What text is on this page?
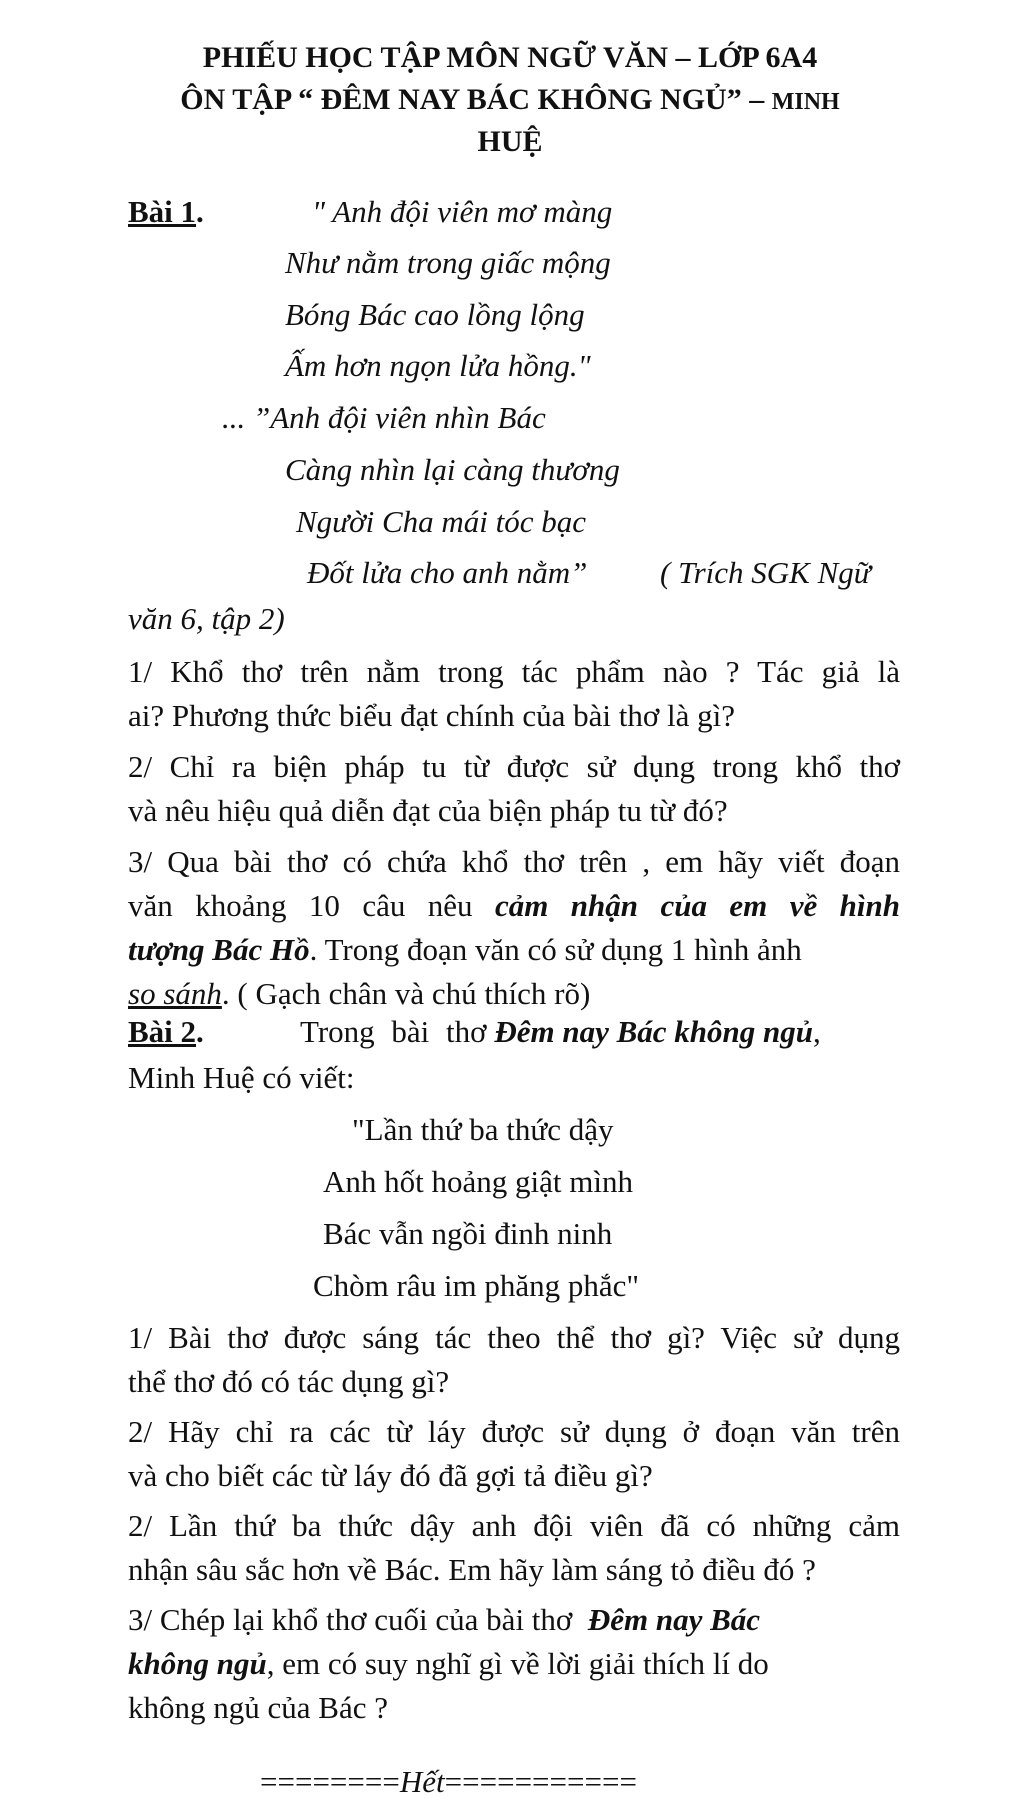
PHIẾU HỌC TẬP MÔN NGỮ VĂN – LỚP 6A4
ÔN TẬP “ ĐÊM NAY BÁC KHÔNG NGỦ” – MINH
HUỆ
Bài 1.	" Anh đội viên mơ màng
Như nằm trong giấc mộng
Bóng Bác cao lồng lộng
Ấm hơn ngọn lửa hồng."
... ”Anh đội viên nhìn Bác
Càng nhìn lại càng thương
Người Cha mái tóc bạc
Đốt lửa cho anh nằm” ( Trích SGK Ngữ
văn 6, tập 2)
1/ Khổ thơ trên nằm trong tác phẩm nào ? Tác giả là
ai? Phương thức biểu đạt chính của bài thơ là gì?
2/ Chỉ ra biện pháp tu từ được sử dụng trong khổ thơ
và nêu hiệu quả diễn đạt của biện pháp tu từ đó?
3/ Qua bài thơ có chứa khổ thơ trên , em hãy viết đoạn
văn khoảng 10 câu nêu cảm nhận của em về hình
tượng Bác Hồ. Trong đoạn văn có sử dụng 1 hình ảnh
so sánh. ( Gạch chân và chú thích rõ)
Bài 2.	Trong bài thơ Đêm nay Bác không ngủ,
Minh Huệ có viết:
"Lần thứ ba thức dậy
Anh hốt hoảng giật mình
Bác vẫn ngồi đinh ninh
Chòm râu im phăng phắc"
1/ Bài thơ được sáng tác theo thể thơ gì? Việc sử dụng
thể thơ đó có tác dụng gì?
2/ Hãy chỉ ra các từ láy được sử dụng ở đoạn văn trên
và cho biết các từ láy đó đã gợi tả điều gì?
2/ Lần thứ ba thức dậy anh đội viên đã có những cảm
nhận sâu sắc hơn về Bác. Em hãy làm sáng tỏ điều đó ?
3/ Chép lại khổ thơ cuối của bài thơ Đêm nay Bác
không ngủ, em có suy nghĩ gì về lời giải thích lí do
không ngủ của Bác ?
========Hết===========
